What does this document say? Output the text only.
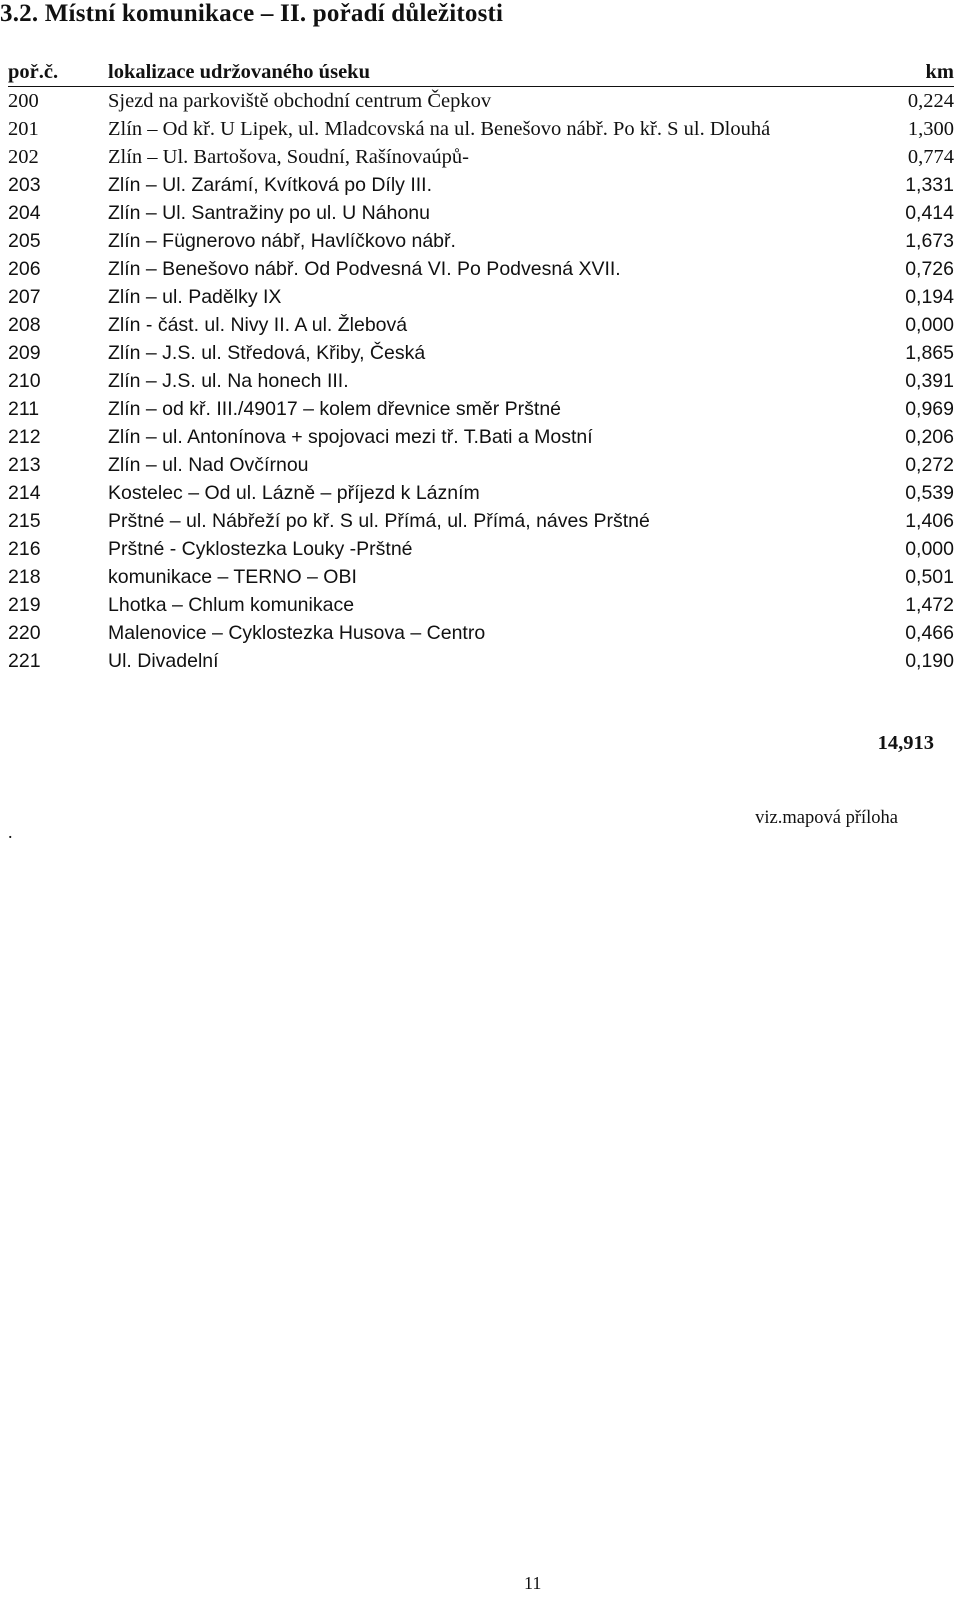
3.2. Místní komunikace – II. pořadí důležitosti
poř.č.	lokalizace udržovaného úseku	km
200	Sjezd na parkoviště obchodní centrum Čepkov	0,224
201	Zlín – Od kř. U Lipek, ul. Mladcovská na ul. Benešovo nábř. Po kř. S ul. Dlouhá	1,300
202	Zlín – Ul. Bartošova, Soudní, Rašínovaúpů-	0,774
203	Zlín – Ul. Zarámí, Kvítková po Díly III.	1,331
204	Zlín – Ul. Santražiny po ul. U Náhonu	0,414
205	Zlín – Fügnerovo nábř, Havlíčkovo nábř.	1,673
206	Zlín – Benešovo nábř. Od Podvesná VI. Po Podvesná XVII.	0,726
207	Zlín – ul. Padělky IX	0,194
208	Zlín - část. ul. Nivy II. A ul. Žlebová	0,000
209	Zlín – J.S. ul. Středová, Křiby, Česká	1,865
210	Zlín – J.S. ul. Na honech III.	0,391
211	Zlín – od kř. III./49017 – kolem dřevnice směr Prštné	0,969
212	Zlín – ul. Antonínova + spojovaci mezi tř. T.Bati a Mostní	0,206
213	Zlín – ul. Nad Ovčírnou	0,272
214	Kostelec – Od ul. Lázně – příjezd k Lázním	0,539
215	Prštné – ul. Nábřeží po kř. S ul. Přímá, ul. Přímá, náves Prštné	1,406
216	Prštné - Cyklostezka Louky -Prštné	0,000
218	komunikace – TERNO – OBI	0,501
219	Lhotka – Chlum komunikace	1,472
220	Malenovice – Cyklostezka Husova – Centro	0,466
221	Ul. Divadelní	0,190
14,913
viz.mapová příloha
.
11
